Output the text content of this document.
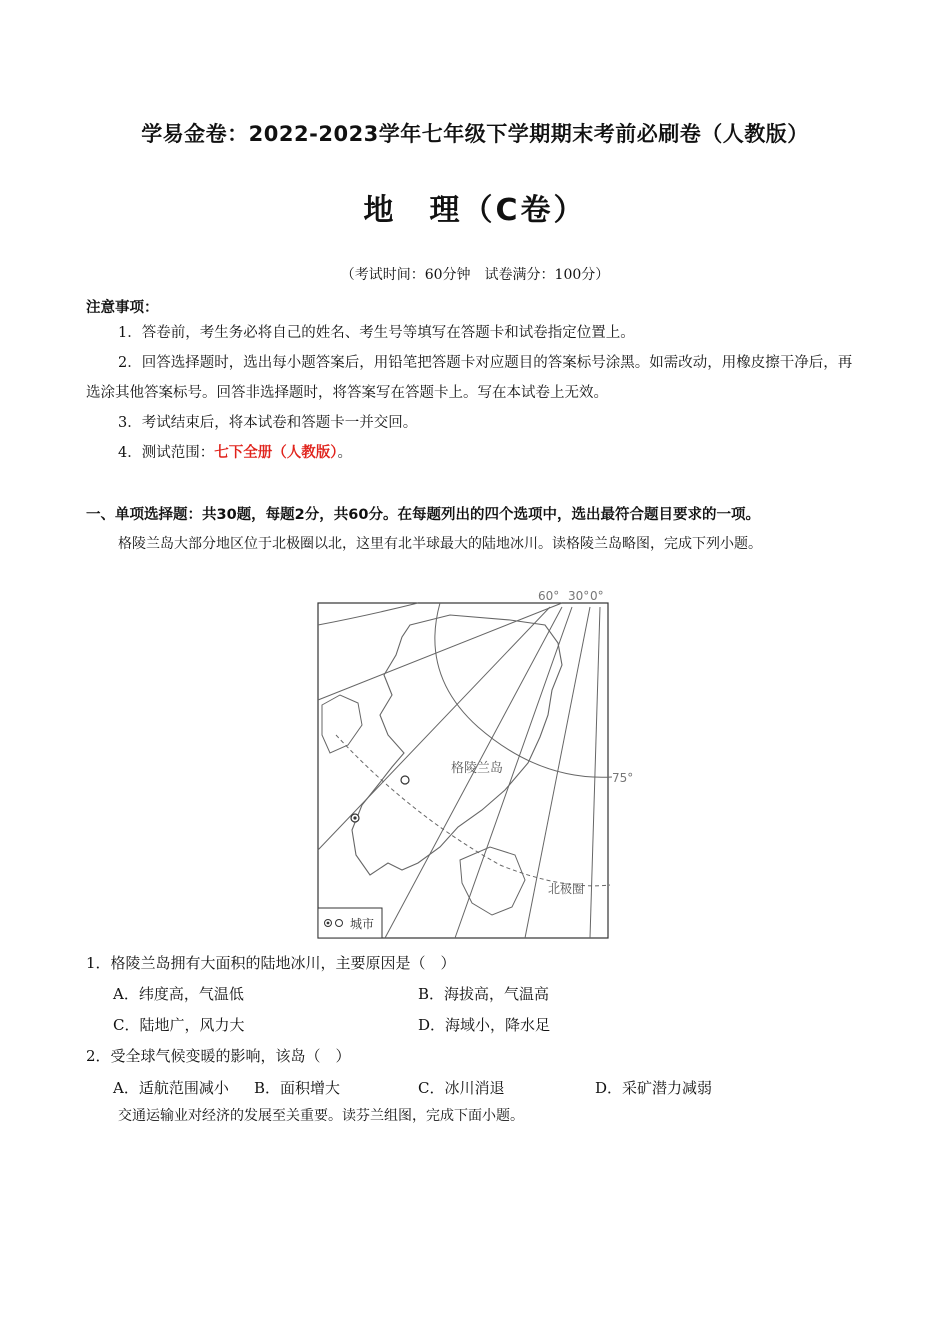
学易金卷：2022-2023学年七年级下学期期末考前必刷卷（人教版）
地　理（C卷）
（考试时间：60分钟　试卷满分：100分）
注意事项：
1．答卷前，考生务必将自己的姓名、考生号等填写在答题卡和试卷指定位置上。
2．回答选择题时，选出每小题答案后，用铅笔把答题卡对应题目的答案标号涂黑。如需改动，用橡皮擦干净后，再选涂其他答案标号。回答非选择题时，将答案写在答题卡上。写在本试卷上无效。
3．考试结束后，将本试卷和答题卡一并交回。
4．测试范围：七下全册（人教版）。
一、单项选择题：共30题，每题2分，共60分。在每题列出的四个选项中，选出最符合题目要求的一项。
格陵兰岛大部分地区位于北极圈以北，这里有北半球最大的陆地冰川。读格陵兰岛略图，完成下列小题。
60° 30° 0°
格陵兰岛
75°
北极圈
城市
1．格陵兰岛拥有大面积的陆地冰川，主要原因是（　）
A．纬度高，气温低	B．海拔高，气温高
C．陆地广，风力大	D．海域小，降水足
2．受全球气候变暖的影响，该岛（　）
A．适航范围减小 B．面积增大	C．冰川消退	D．采矿潜力减弱
交通运输业对经济的发展至关重要。读芬兰组图，完成下面小题。
